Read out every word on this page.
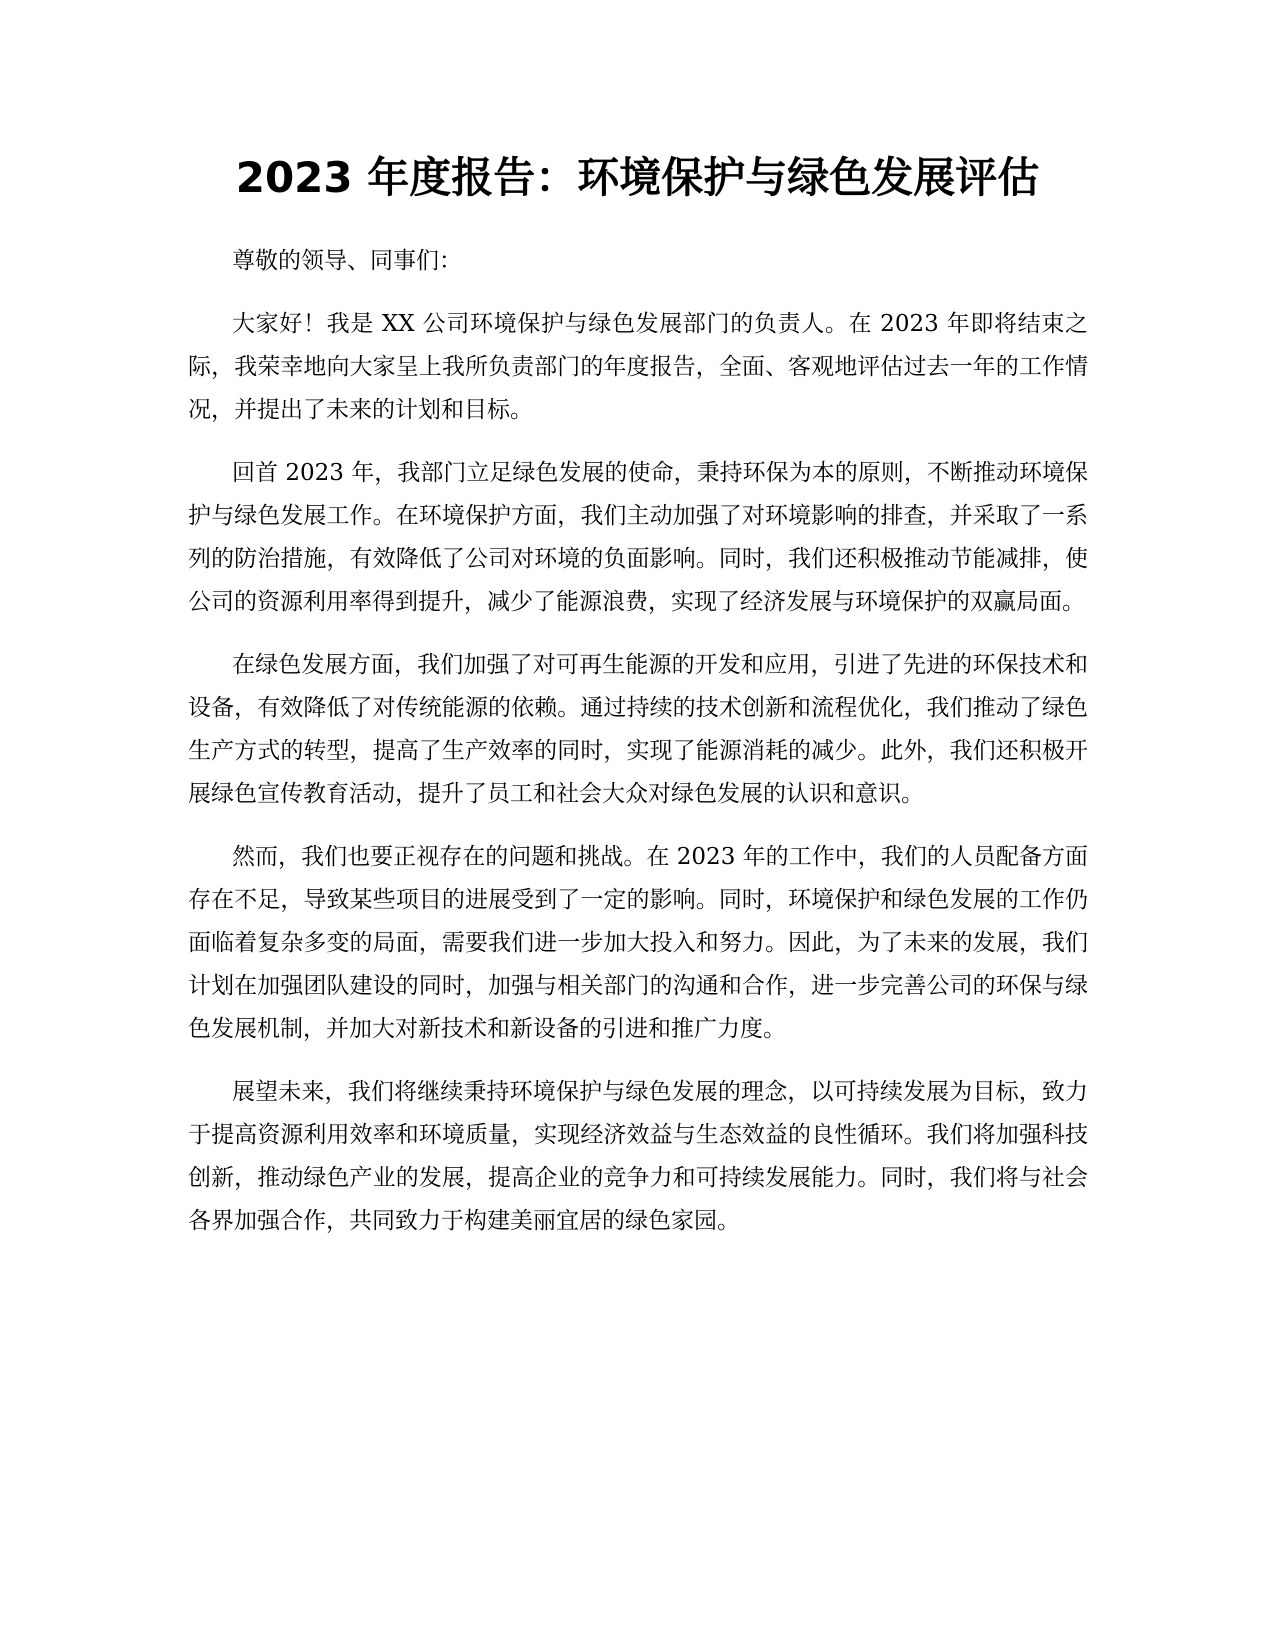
2023 年度报告：环境保护与绿色发展评估

尊敬的领导、同事们：

大家好！我是 XX 公司环境保护与绿色发展部门的负责人。在 2023 年即将结束之际，我荣幸地向大家呈上我所负责部门的年度报告，全面、客观地评估过去一年的工作情况，并提出了未来的计划和目标。

回首 2023 年，我部门立足绿色发展的使命，秉持环保为本的原则，不断推动环境保护与绿色发展工作。在环境保护方面，我们主动加强了对环境影响的排查，并采取了一系列的防治措施，有效降低了公司对环境的负面影响。同时，我们还积极推动节能减排，使公司的资源利用率得到提升，减少了能源浪费，实现了经济发展与环境保护的双赢局面。

在绿色发展方面，我们加强了对可再生能源的开发和应用，引进了先进的环保技术和设备，有效降低了对传统能源的依赖。通过持续的技术创新和流程优化，我们推动了绿色生产方式的转型，提高了生产效率的同时，实现了能源消耗的减少。此外，我们还积极开展绿色宣传教育活动，提升了员工和社会大众对绿色发展的认识和意识。

然而，我们也要正视存在的问题和挑战。在 2023 年的工作中，我们的人员配备方面存在不足，导致某些项目的进展受到了一定的影响。同时，环境保护和绿色发展的工作仍面临着复杂多变的局面，需要我们进一步加大投入和努力。因此，为了未来的发展，我们计划在加强团队建设的同时，加强与相关部门的沟通和合作，进一步完善公司的环保与绿色发展机制，并加大对新技术和新设备的引进和推广力度。

展望未来，我们将继续秉持环境保护与绿色发展的理念，以可持续发展为目标，致力于提高资源利用效率和环境质量，实现经济效益与生态效益的良性循环。我们将加强科技创新，推动绿色产业的发展，提高企业的竞争力和可持续发展能力。同时，我们将与社会各界加强合作，共同致力于构建美丽宜居的绿色家园。
